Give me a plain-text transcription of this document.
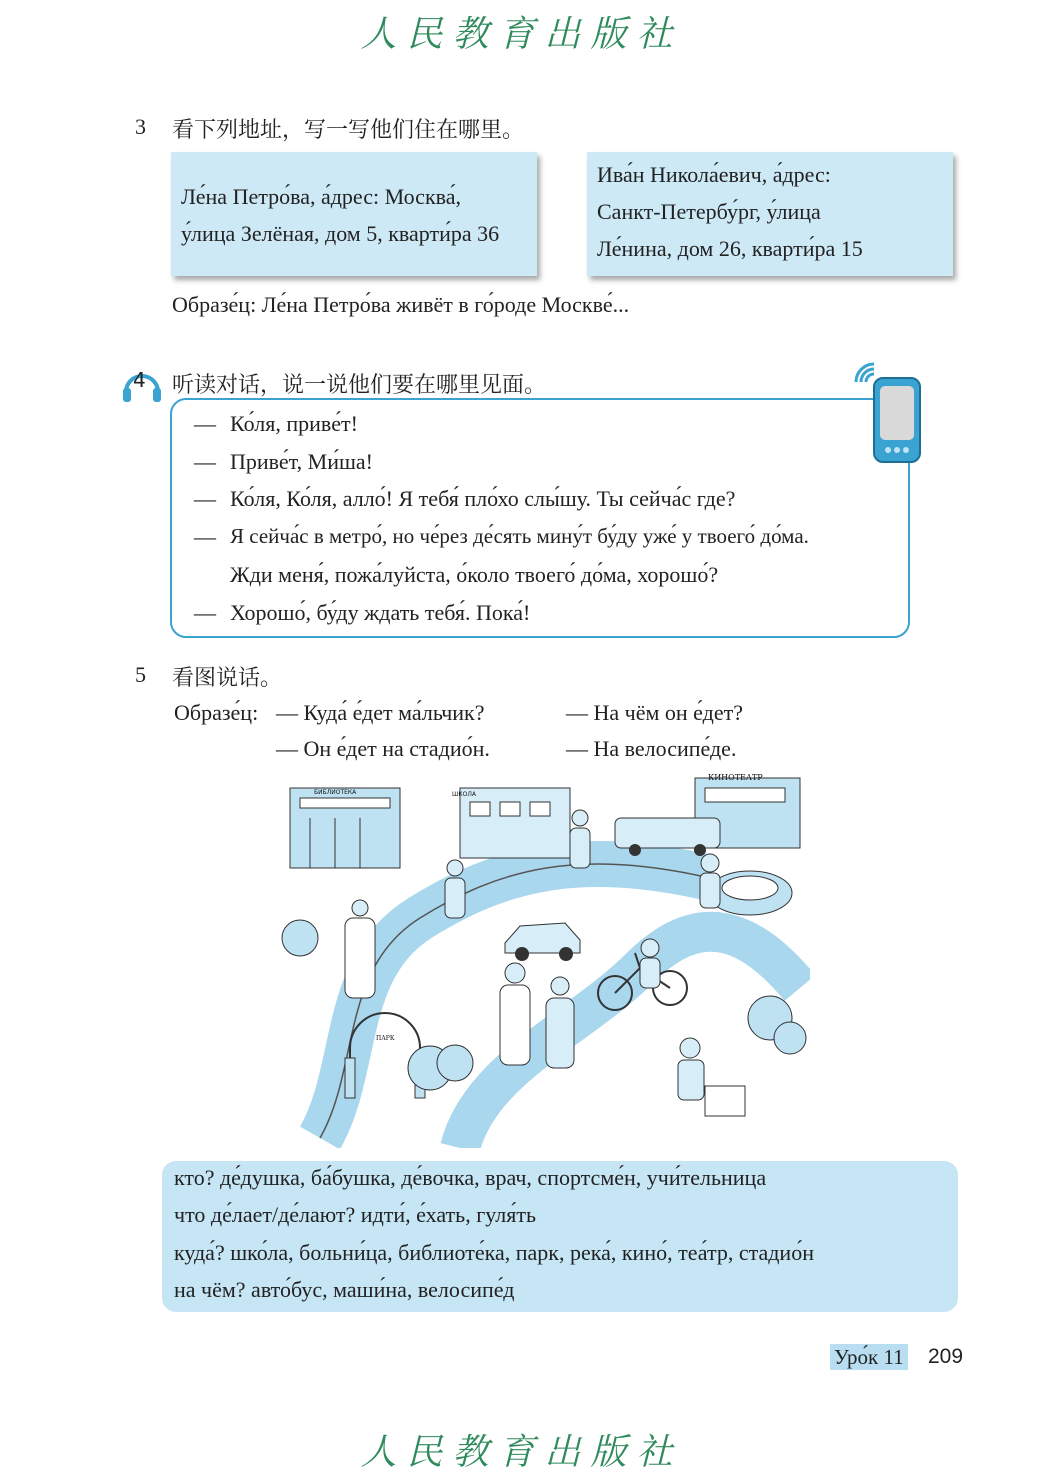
人民教育出版社
3 看下列地址，写一写他们住在哪里。
Ле́на Петро́ва, а́дрес: Москва́,
у́лица Зелёная, дом 5, кварти́ра 36
Ива́н Никола́евич, а́дрес:
Санкт-Петербу́рг, у́лица
Ле́нина, дом 26, кварти́ра 15
Образе́ц: Ле́на Петро́ва живёт в го́роде Москве́...
4 听读对话，说一说他们要在哪里见面。
— Ко́ля, приве́т!
— Приве́т, Ми́ша!
— Ко́ля, Ко́ля, алло́! Я тебя́ пло́хо слы́шу. Ты сейча́с где?
— Я сейча́с в метро́, но че́рез де́сять мину́т бу́ду уже́ у твоего́ до́ма.
Жди меня́, пожа́луйста, о́коло твоего́ до́ма, хорошо́?
— Хорошо́, бу́ду ждать тебя́. Пока́!
5 看图说话。
Образе́ц: — Куда́ е́дет ма́льчик?	— На чём он е́дет?
— Он е́дет на стадио́н.	— На велосипе́де.
БИБЛИОТЕКА	ШКОЛА
КИНОТЕАТР
ПАРК
кто? де́душка, ба́бушка, де́вочка, врач, спортсме́н, учи́тельница
что де́лает/де́лают? идти́, е́хать, гуля́ть
куда́? шко́ла, больни́ца, библиоте́ка, парк, река́, кино́, теа́тр, стадио́н
на чём? авто́бус, маши́на, велосипе́д
Уро́к 11 209
人民教育出版社
